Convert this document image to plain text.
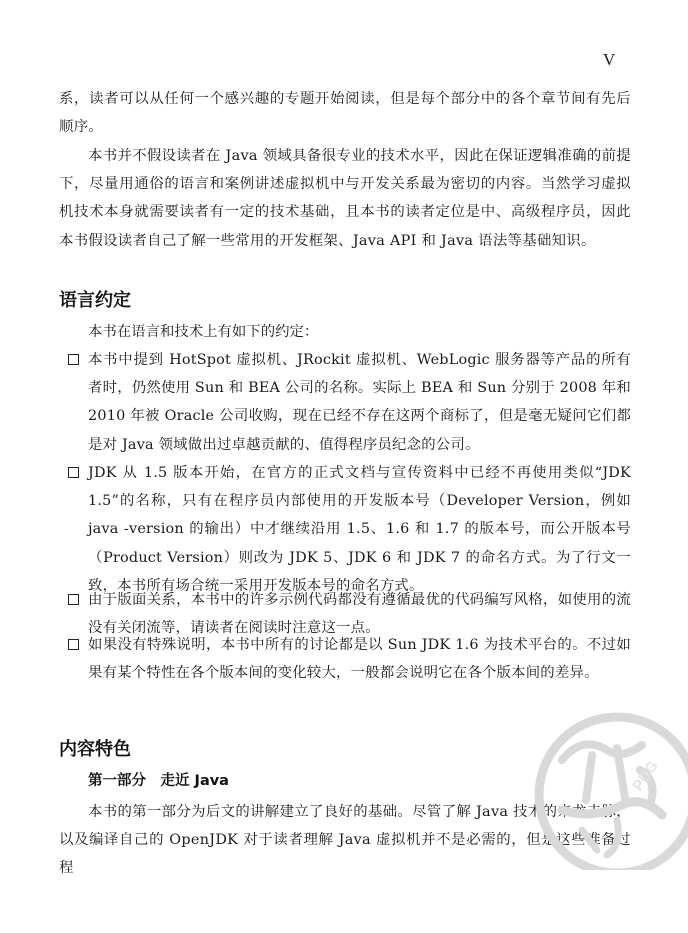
V

系，读者可以从任何一个感兴趣的专题开始阅读，但是每个部分中的各个章节间有先后顺序。

本书并不假设读者在 Java 领域具备很专业的技术水平，因此在保证逻辑准确的前提下，尽量用通俗的语言和案例讲述虚拟机中与开发关系最为密切的内容。当然学习虚拟机技术本身就需要读者有一定的技术基础，且本书的读者定位是中、高级程序员，因此本书假设读者自己了解一些常用的开发框架、Java API 和 Java 语法等基础知识。

语言约定

本书在语言和技术上有如下的约定：

本书中提到 HotSpot 虚拟机、JRockit 虚拟机、WebLogic 服务器等产品的所有者时，仍然使用 Sun 和 BEA 公司的名称。实际上 BEA 和 Sun 分别于 2008 年和 2010 年被 Oracle 公司收购，现在已经不存在这两个商标了，但是毫无疑问它们都是对 Java 领域做出过卓越贡献的、值得程序员纪念的公司。
JDK 从 1.5 版本开始，在官方的正式文档与宣传资料中已经不再使用类似“JDK 1.5”的名称，只有在程序员内部使用的开发版本号（Developer Version，例如 java -version 的输出）中才继续沿用 1.5、1.6 和 1.7 的版本号，而公开版本号（Product Version）则改为 JDK 5、JDK 6 和 JDK 7 的命名方式。为了行文一致，本书所有场合统一采用开发版本号的命名方式。
由于版面关系，本书中的许多示例代码都没有遵循最优的代码编写风格，如使用的流没有关闭流等，请读者在阅读时注意这一点。
如果没有特殊说明，本书中所有的讨论都是以 Sun JDK 1.6 为技术平台的。不过如果有某个特性在各个版本间的变化较大，一般都会说明它在各个版本间的差异。
内容特色
第一部分　走近 Java

本书的第一部分为后文的讲解建立了良好的基础。尽管了解 Java 技术的来龙去脉，以及编译自己的 OpenJDK 对于读者理解 Java 虚拟机并不是必需的，但是这些准备过程

PDG
